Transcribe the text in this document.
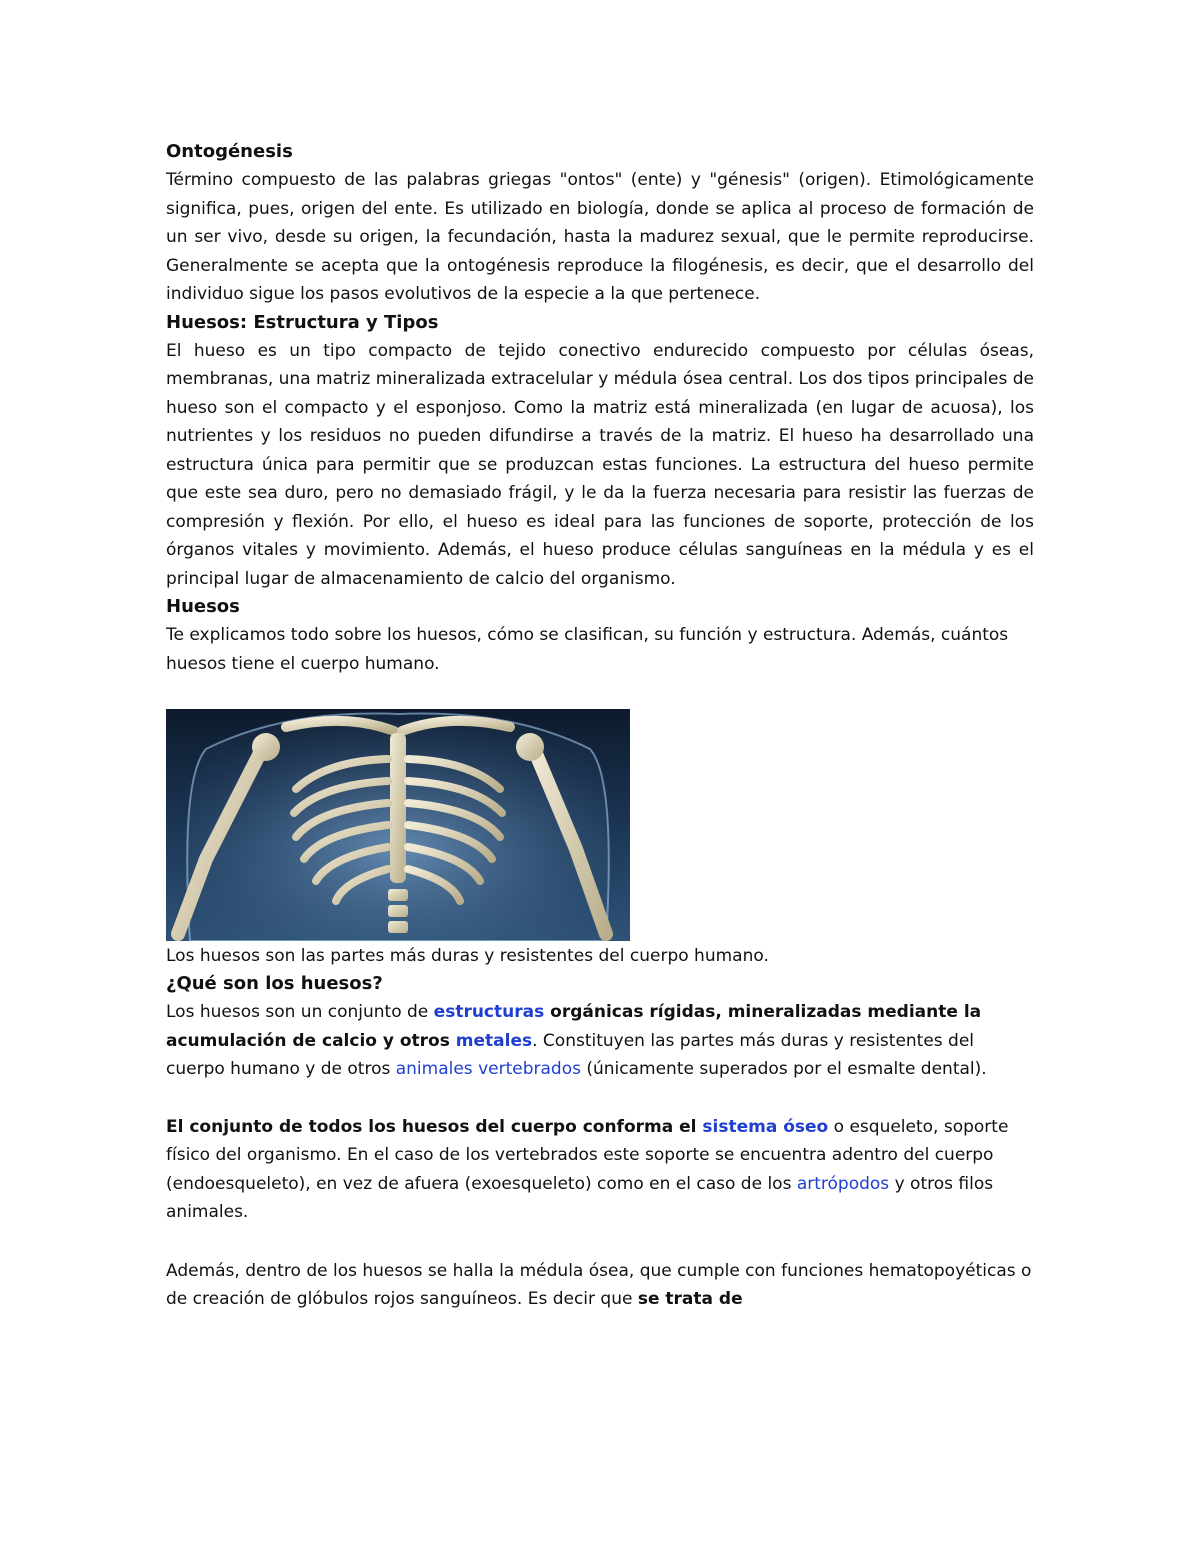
Ontogénesis

Término compuesto de las palabras griegas "ontos" (ente) y "génesis" (origen). Etimológicamente significa, pues, origen del ente. Es utilizado en biología, donde se aplica al proceso de formación de un ser vivo, desde su origen, la fecundación, hasta la madurez sexual, que le permite reproducirse. Generalmente se acepta que la ontogénesis reproduce la filogénesis, es decir, que el desarrollo del individuo sigue los pasos evolutivos de la especie a la que pertenece.

Huesos: Estructura y Tipos

El hueso es un tipo compacto de tejido conectivo endurecido compuesto por células óseas, membranas, una matriz mineralizada extracelular y médula ósea central. Los dos tipos principales de hueso son el compacto y el esponjoso. Como la matriz está mineralizada (en lugar de acuosa), los nutrientes y los residuos no pueden difundirse a través de la matriz. El hueso ha desarrollado una estructura única para permitir que se produzcan estas funciones. La estructura del hueso permite que este sea duro, pero no demasiado frágil, y le da la fuerza necesaria para resistir las fuerzas de compresión y flexión. Por ello, el hueso es ideal para las funciones de soporte, protección de los órganos vitales y movimiento. Además, el hueso produce células sanguíneas en la médula y es el principal lugar de almacenamiento de calcio del organismo.

Huesos

Te explicamos todo sobre los huesos, cómo se clasifican, su función y estructura. Además, cuántos huesos tiene el cuerpo humano.

Los huesos son las partes más duras y resistentes del cuerpo humano.

¿Qué son los huesos?

Los huesos son un conjunto de estructuras orgánicas rígidas, mineralizadas mediante la acumulación de calcio y otros metales. Constituyen las partes más duras y resistentes del cuerpo humano y de otros animales vertebrados (únicamente superados por el esmalte dental).

El conjunto de todos los huesos del cuerpo conforma el sistema óseo o esqueleto, soporte físico del organismo. En el caso de los vertebrados este soporte se encuentra adentro del cuerpo (endoesqueleto), en vez de afuera (exoesqueleto) como en el caso de los artrópodos y otros filos animales.

Además, dentro de los huesos se halla la médula ósea, que cumple con funciones hematopoyéticas o de creación de glóbulos rojos sanguíneos. Es decir que se trata de
